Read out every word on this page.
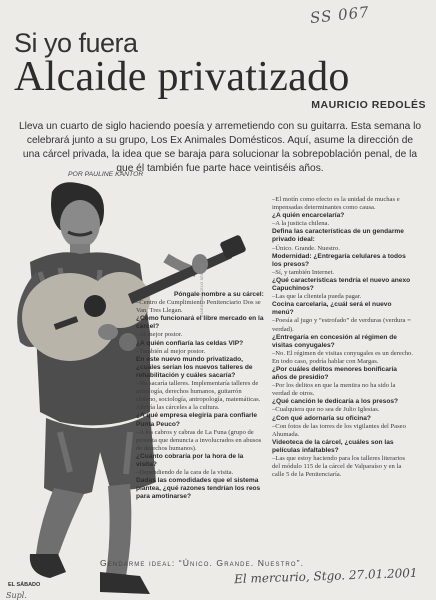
SS 067
Si yo fuera
Alcaide privatizado
MAURICIO REDOLÉS
Lleva un cuarto de siglo haciendo poesía y arremetiendo con su guitarra. Esta semana lo
celebrará junto a su grupo, Los Ex Animales Domésticos. Aquí, asume la dirección de
una cárcel privada, la idea que se baraja para solucionar la sobrepoblación penal, de la
que él también fue parte hace veintiséis años.
POR PAULINE KANTOR
DIARIO MARCELO SEGURA

Póngale nombre a su cárcel:

–Centro de Cumplimiento Penitenciario Dos se Van, Tres Llegan.

¿Cómo funcionará el libre mercado en la cárcel?

–Al mejor postor.

¿A quién confiaría las celdas VIP?

–También al mejor postor.

En este nuevo mundo privatizado, ¿cuáles serían los nuevos talleres de rehabilitación y cuáles sacaría?

–No sacaría talleres. Implementaría talleres de astrología, derechos humanos, guitarrón chileno, sociología, antropología, matemáticas. Abriría las cárceles a la cultura.

¿A qué empresa elegiría para confiarle Punta Peuco?

–A los cabros y cabras de La Funa (grupo de protesta que denuncia a involucrados en abusos de derechos humanos).

¿Cuánto cobraría por la hora de la visita?

–Dependiendo de la cara de la visita.

Dadas las comodidades que el sistema plantea, ¿qué razones tendrían los reos para amotinarse?

–El motín como efecto es la unidad de muchas e impensadas determinantes como causa.

¿A quién encarcelaría?

–A la justicia chilena.

Defina las características de un gendarme privado ideal:

–Único. Grande. Nuestro.

Modernidad: ¿Entregaría celulares a todos los presos?

–Sí, y también Internet.

¿Qué características tendría el nuevo anexo Capuchinos?

–Las que la clientela pueda pagar.

Cocina carcelaria, ¿cuál será el nuevo menú?

–Poesía al jugo y “estrofado” de verduras (verdura = verdad).

¿Entregaría en concesión al régimen de visitas conyugales?

–No. El régimen de visitas conyugales es un derecho. En todo caso, podría hablar con Margas.

¿Por cuáles delitos menores bonificaría años de presidio?

–Por los delitos en que la mentira no ha sido la verdad de otros.

¿Qué canción le dedicaría a los presos?

–Cualquiera que no sea de Julio Iglesias.

¿Con qué adornaría su oficina?

–Con fotos de las torres de los vigilantes del Paseo Ahumada.

Videoteca de la cárcel, ¿cuáles son las películas infaltables?

–Las que estoy haciendo para los talleres literarios del módulo 115 de la cárcel de Valparaíso y en la calle 5 de la Penitenciaría.

Gendarme ideal: “Único. Grande. Nuestro”.
El mercurio, Stgo. 27.01.2001
EL SÁBADO
Supl.
